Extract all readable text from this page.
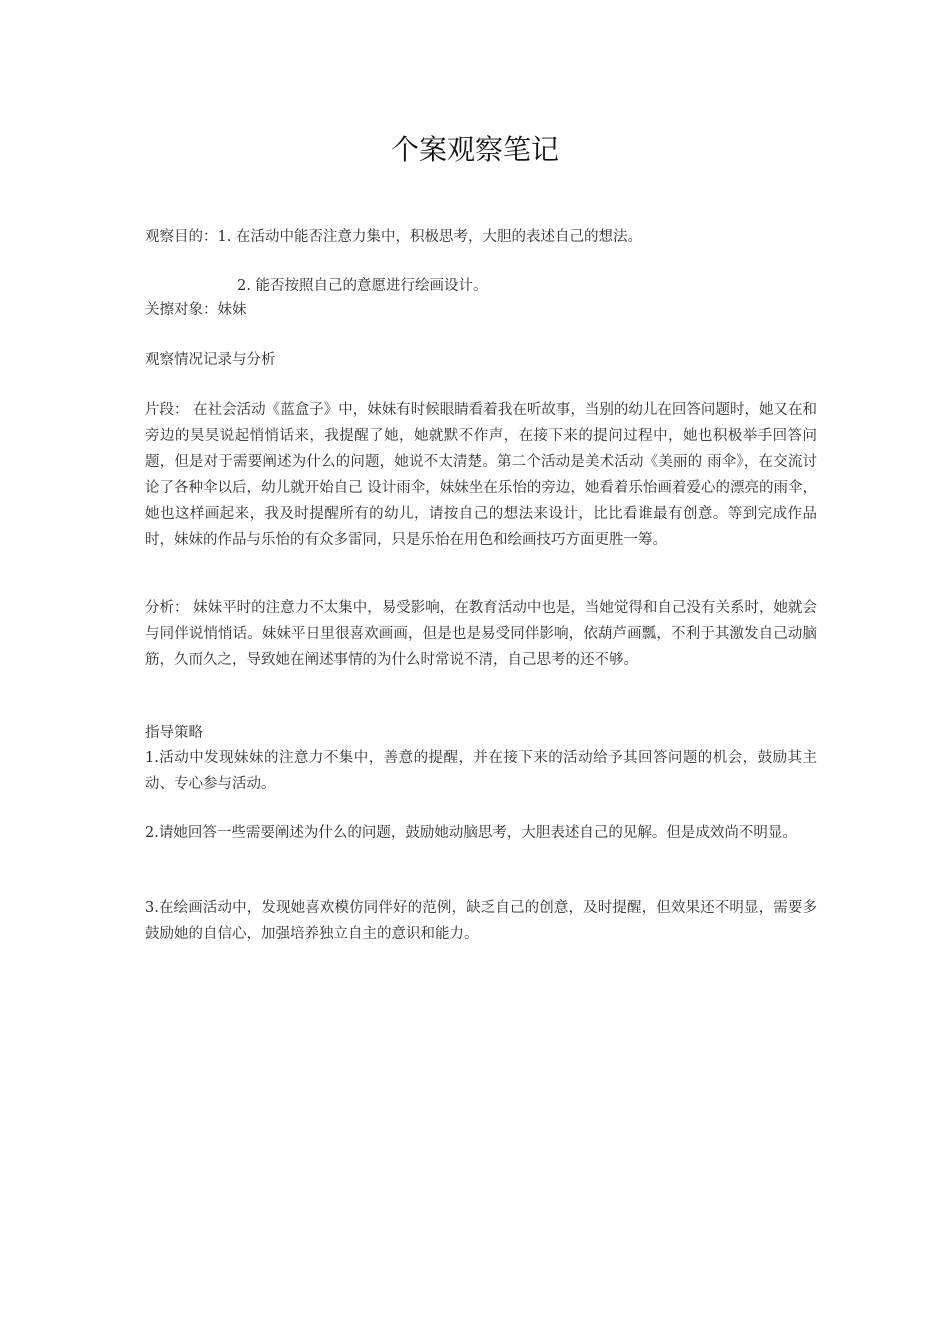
个案观察笔记

观察目的：1. 在活动中能否注意力集中，积极思考，大胆的表述自己的想法。

2. 能否按照自己的意愿进行绘画设计。

关擦对象：妹妹

观察情况记录与分析

片段： 在社会活动《蓝盒子》中，妹妹有时候眼睛看着我在听故事，当别的幼儿在回答问题时，她又在和旁边的昊昊说起悄悄话来，我提醒了她，她就默不作声，在接下来的提问过程中，她也积极举手回答问题，但是对于需要阐述为什么的问题，她说不太清楚。第二个活动是美术活动《美丽的 雨伞》，在交流讨论了各种伞以后，幼儿就开始自己 设计雨伞，妹妹坐在乐怡的旁边，她看着乐怡画着爱心的漂亮的雨伞，她也这样画起来，我及时提醒所有的幼儿，请按自己的想法来设计，比比看谁最有创意。等到完成作品时，妹妹的作品与乐怡的有众多雷同，只是乐怡在用色和绘画技巧方面更胜一筹。

分析： 妹妹平时的注意力不太集中，易受影响，在教育活动中也是，当她觉得和自己没有关系时，她就会与同伴说悄悄话。妹妹平日里很喜欢画画，但是也是易受同伴影响，依葫芦画瓢，不利于其激发自己动脑筋，久而久之，导致她在阐述事情的为什么时常说不清，自己思考的还不够。

指导策略

1.活动中发现妹妹的注意力不集中，善意的提醒，并在接下来的活动给予其回答问题的机会，鼓励其主动、专心参与活动。

2.请她回答一些需要阐述为什么的问题，鼓励她动脑思考，大胆表述自己的见解。但是成效尚不明显。

3.在绘画活动中，发现她喜欢模仿同伴好的范例，缺乏自己的创意，及时提醒，但效果还不明显，需要多鼓励她的自信心，加强培养独立自主的意识和能力。
